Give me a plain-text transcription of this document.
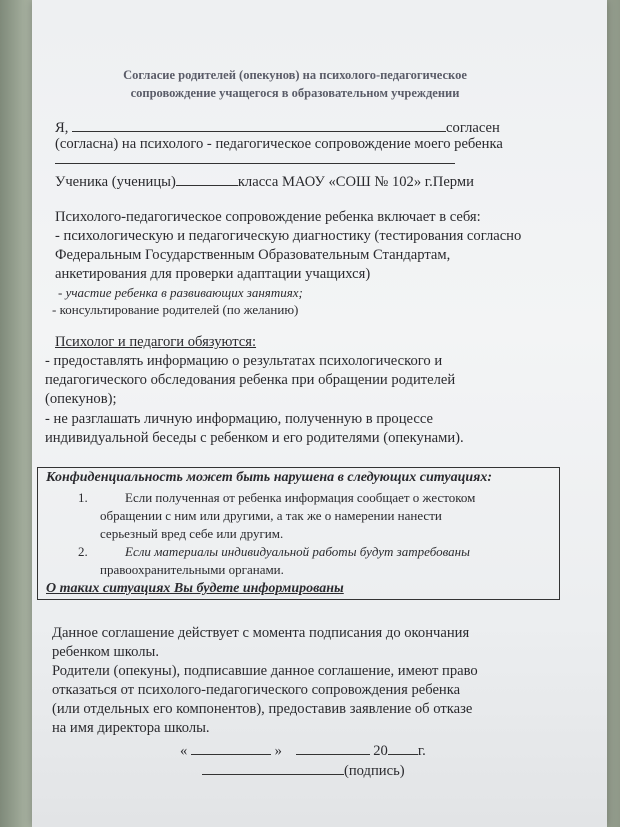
Согласие родителей (опекунов) на психолого-педагогическое
сопровождение учащегося в образовательном учреждении
Я,	согласен
(согласна) на психолого - педагогическое сопровождение моего ребенка
Ученика (ученицы)	класса МАОУ «СОШ № 102» г.Перми
Психолого-педагогическое сопровождение ребенка включает в себя:
- психологическую и педагогическую диагностику (тестирования согласно
Федеральным Государственным Образовательным Стандартам,
анкетирования для проверки адаптации учащихся)
- участие ребенка в развивающих занятиях;
- консультирование родителей (по желанию)
Психолог и педагоги обязуются:
- предоставлять информацию о результатах психологического и
педагогического обследования ребенка при обращении родителей
(опекунов);
- не разглашать личную информацию, полученную в процессе
индивидуальной беседы с ребенком и его родителями (опекунами).
Конфиденциальность может быть нарушена в следующих ситуациях:
1.	Если полученная от ребенка информация сообщает о жестоком
обращении с ним или другими, а так же о намерении нанести
серьезный вред себе или другим.
2.	Если материалы индивидуальной работы будут затребованы
правоохранительными органами.
О таких ситуациях Вы будете информированы
Данное соглашение действует с момента подписания до окончания
ребенком школы.
Родители (опекуны), подписавшие данное соглашение, имеют право
отказаться от психолого-педагогического сопровождения ребенка
(или отдельных его компонентов), предоставив заявление об отказе
на имя директора школы.
«	»	20 г.
(подпись)
